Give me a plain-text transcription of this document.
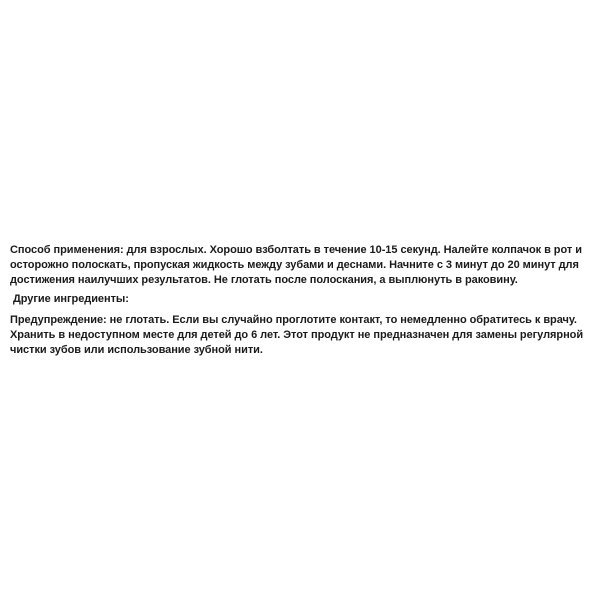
Способ применения: для взрослых. Хорошо взболтать в течение 10-15 секунд. Налейте колпачок в рот и осторожно полоскать, пропуская жидкость между зубами и деснами. Начните с 3 минут до 20 минут для достижения наилучших результатов. Не глотать после полоскания, а выплюнуть в раковину.

Другие ингредиенты:

Предупреждение: не глотать. Если вы случайно проглотите контакт, то немедленно обратитесь к врачу. Хранить в недоступном месте для детей до 6 лет. Этот продукт не предназначен для замены регулярной чистки зубов или использование зубной нити.
